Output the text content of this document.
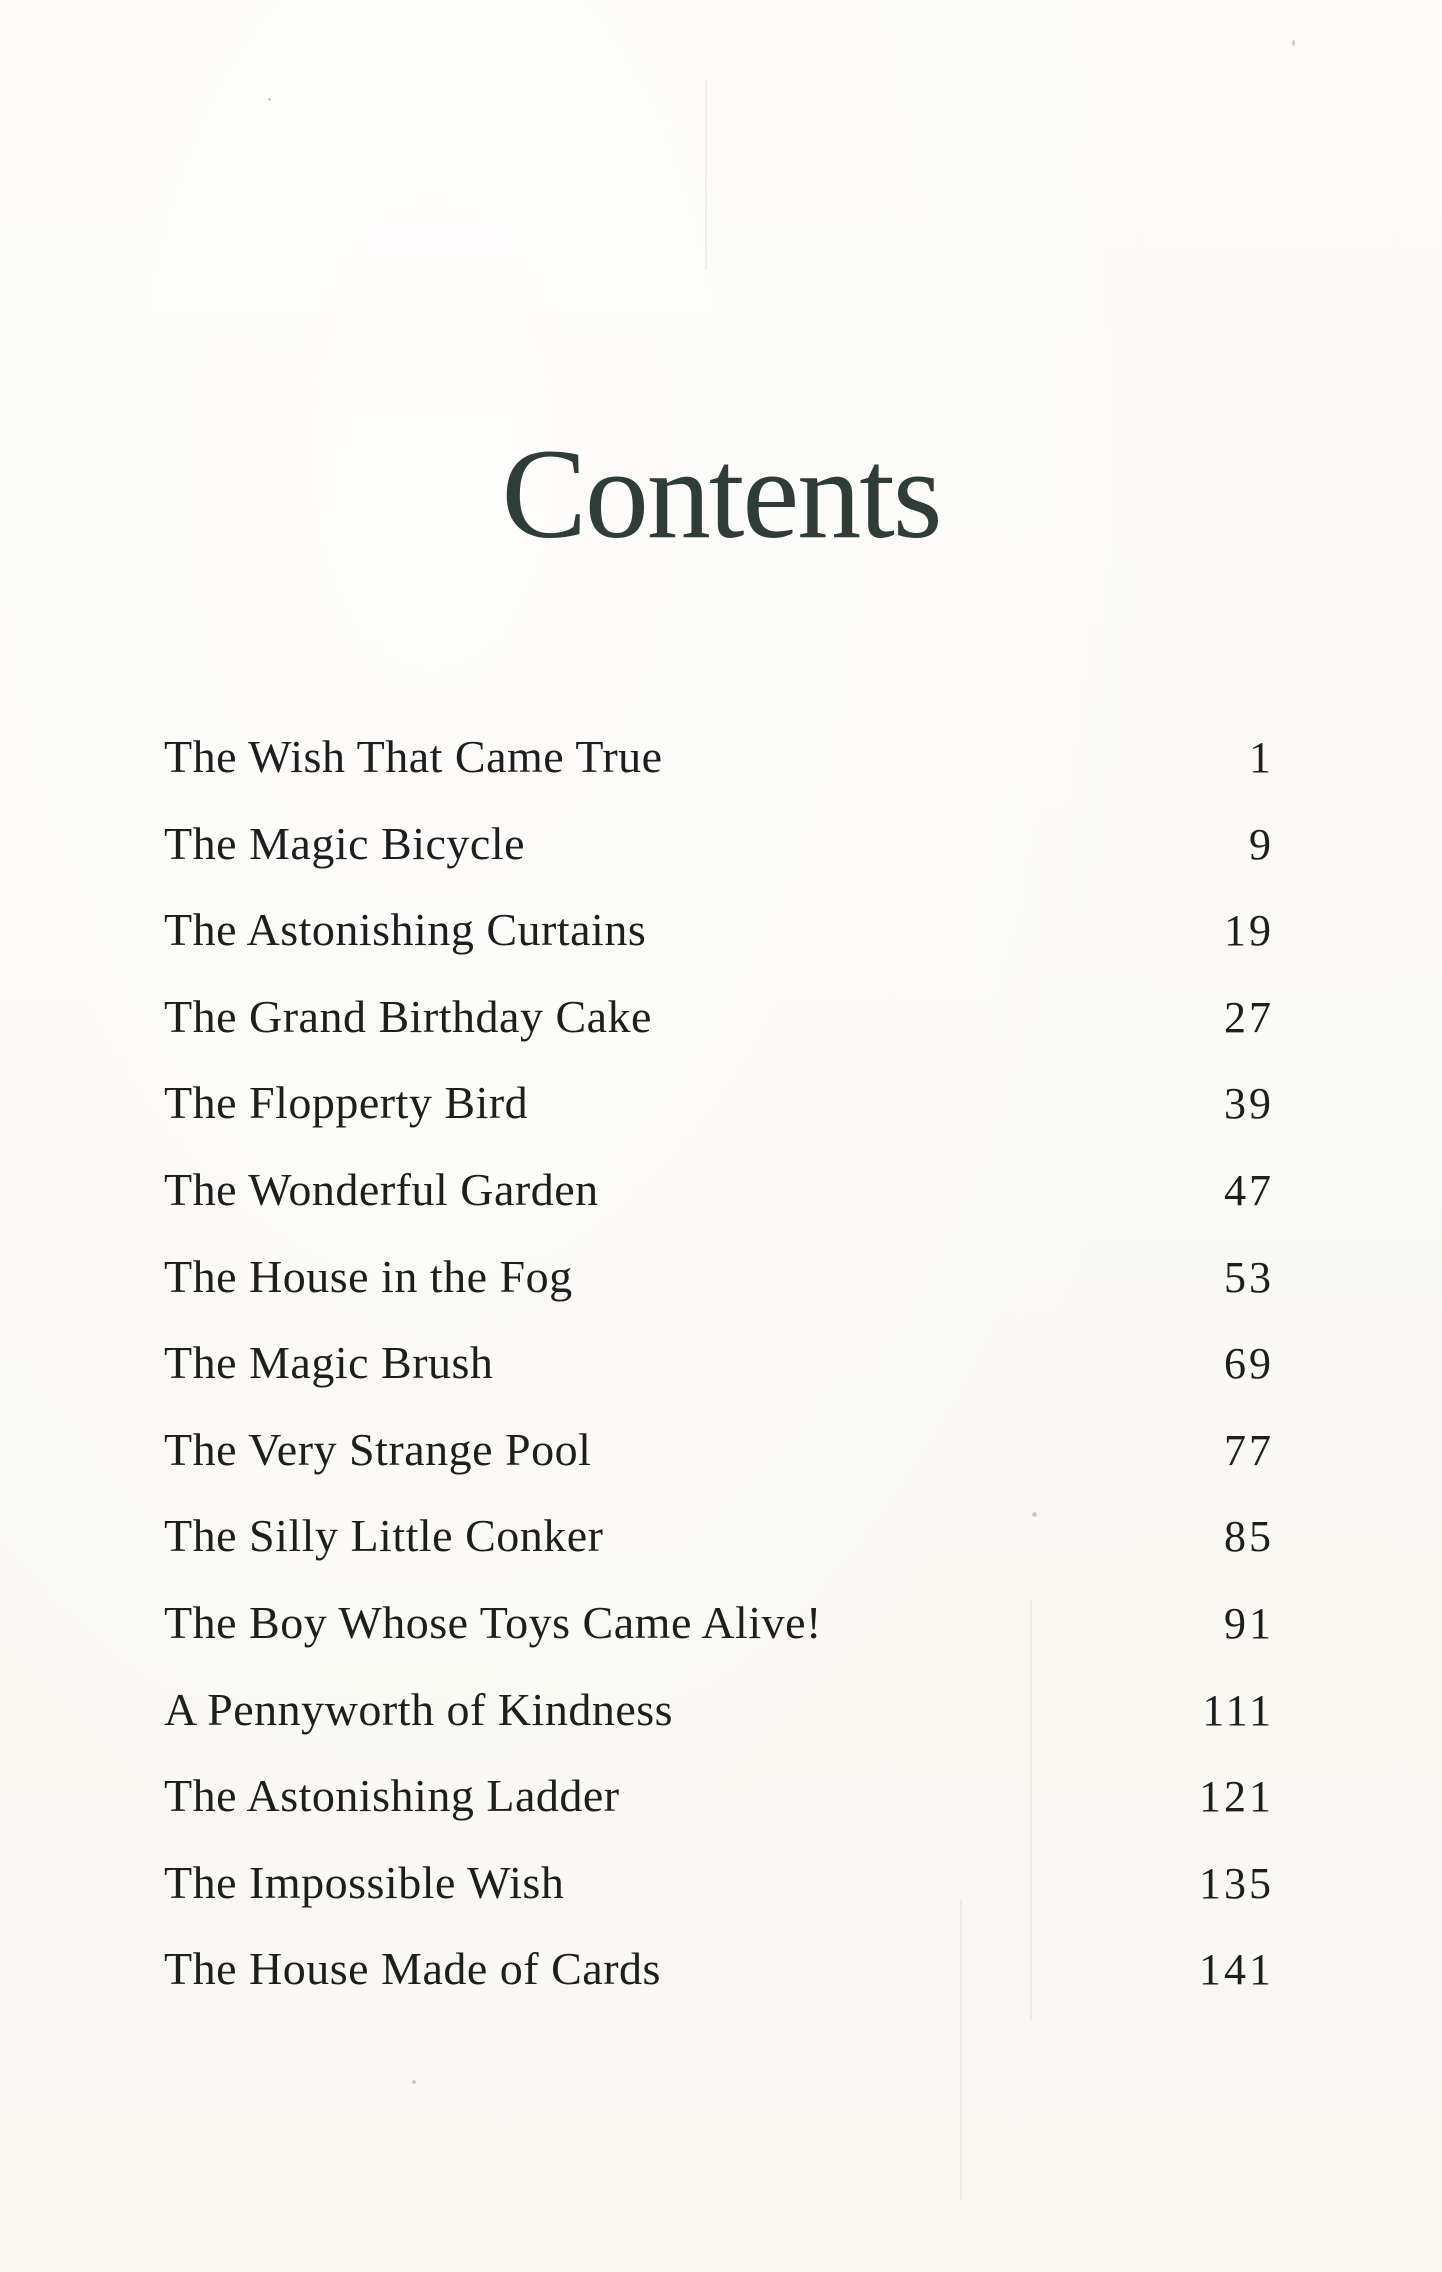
Contents
The Wish That Came True	1
The Magic Bicycle	9
The Astonishing Curtains	19
The Grand Birthday Cake	27
The Flopperty Bird	39
The Wonderful Garden	47
The House in the Fog	53
The Magic Brush	69
The Very Strange Pool	77
The Silly Little Conker	85
The Boy Whose Toys Came Alive!	91
A Pennyworth of Kindness	111
The Astonishing Ladder	121
The Impossible Wish	135
The House Made of Cards	141
